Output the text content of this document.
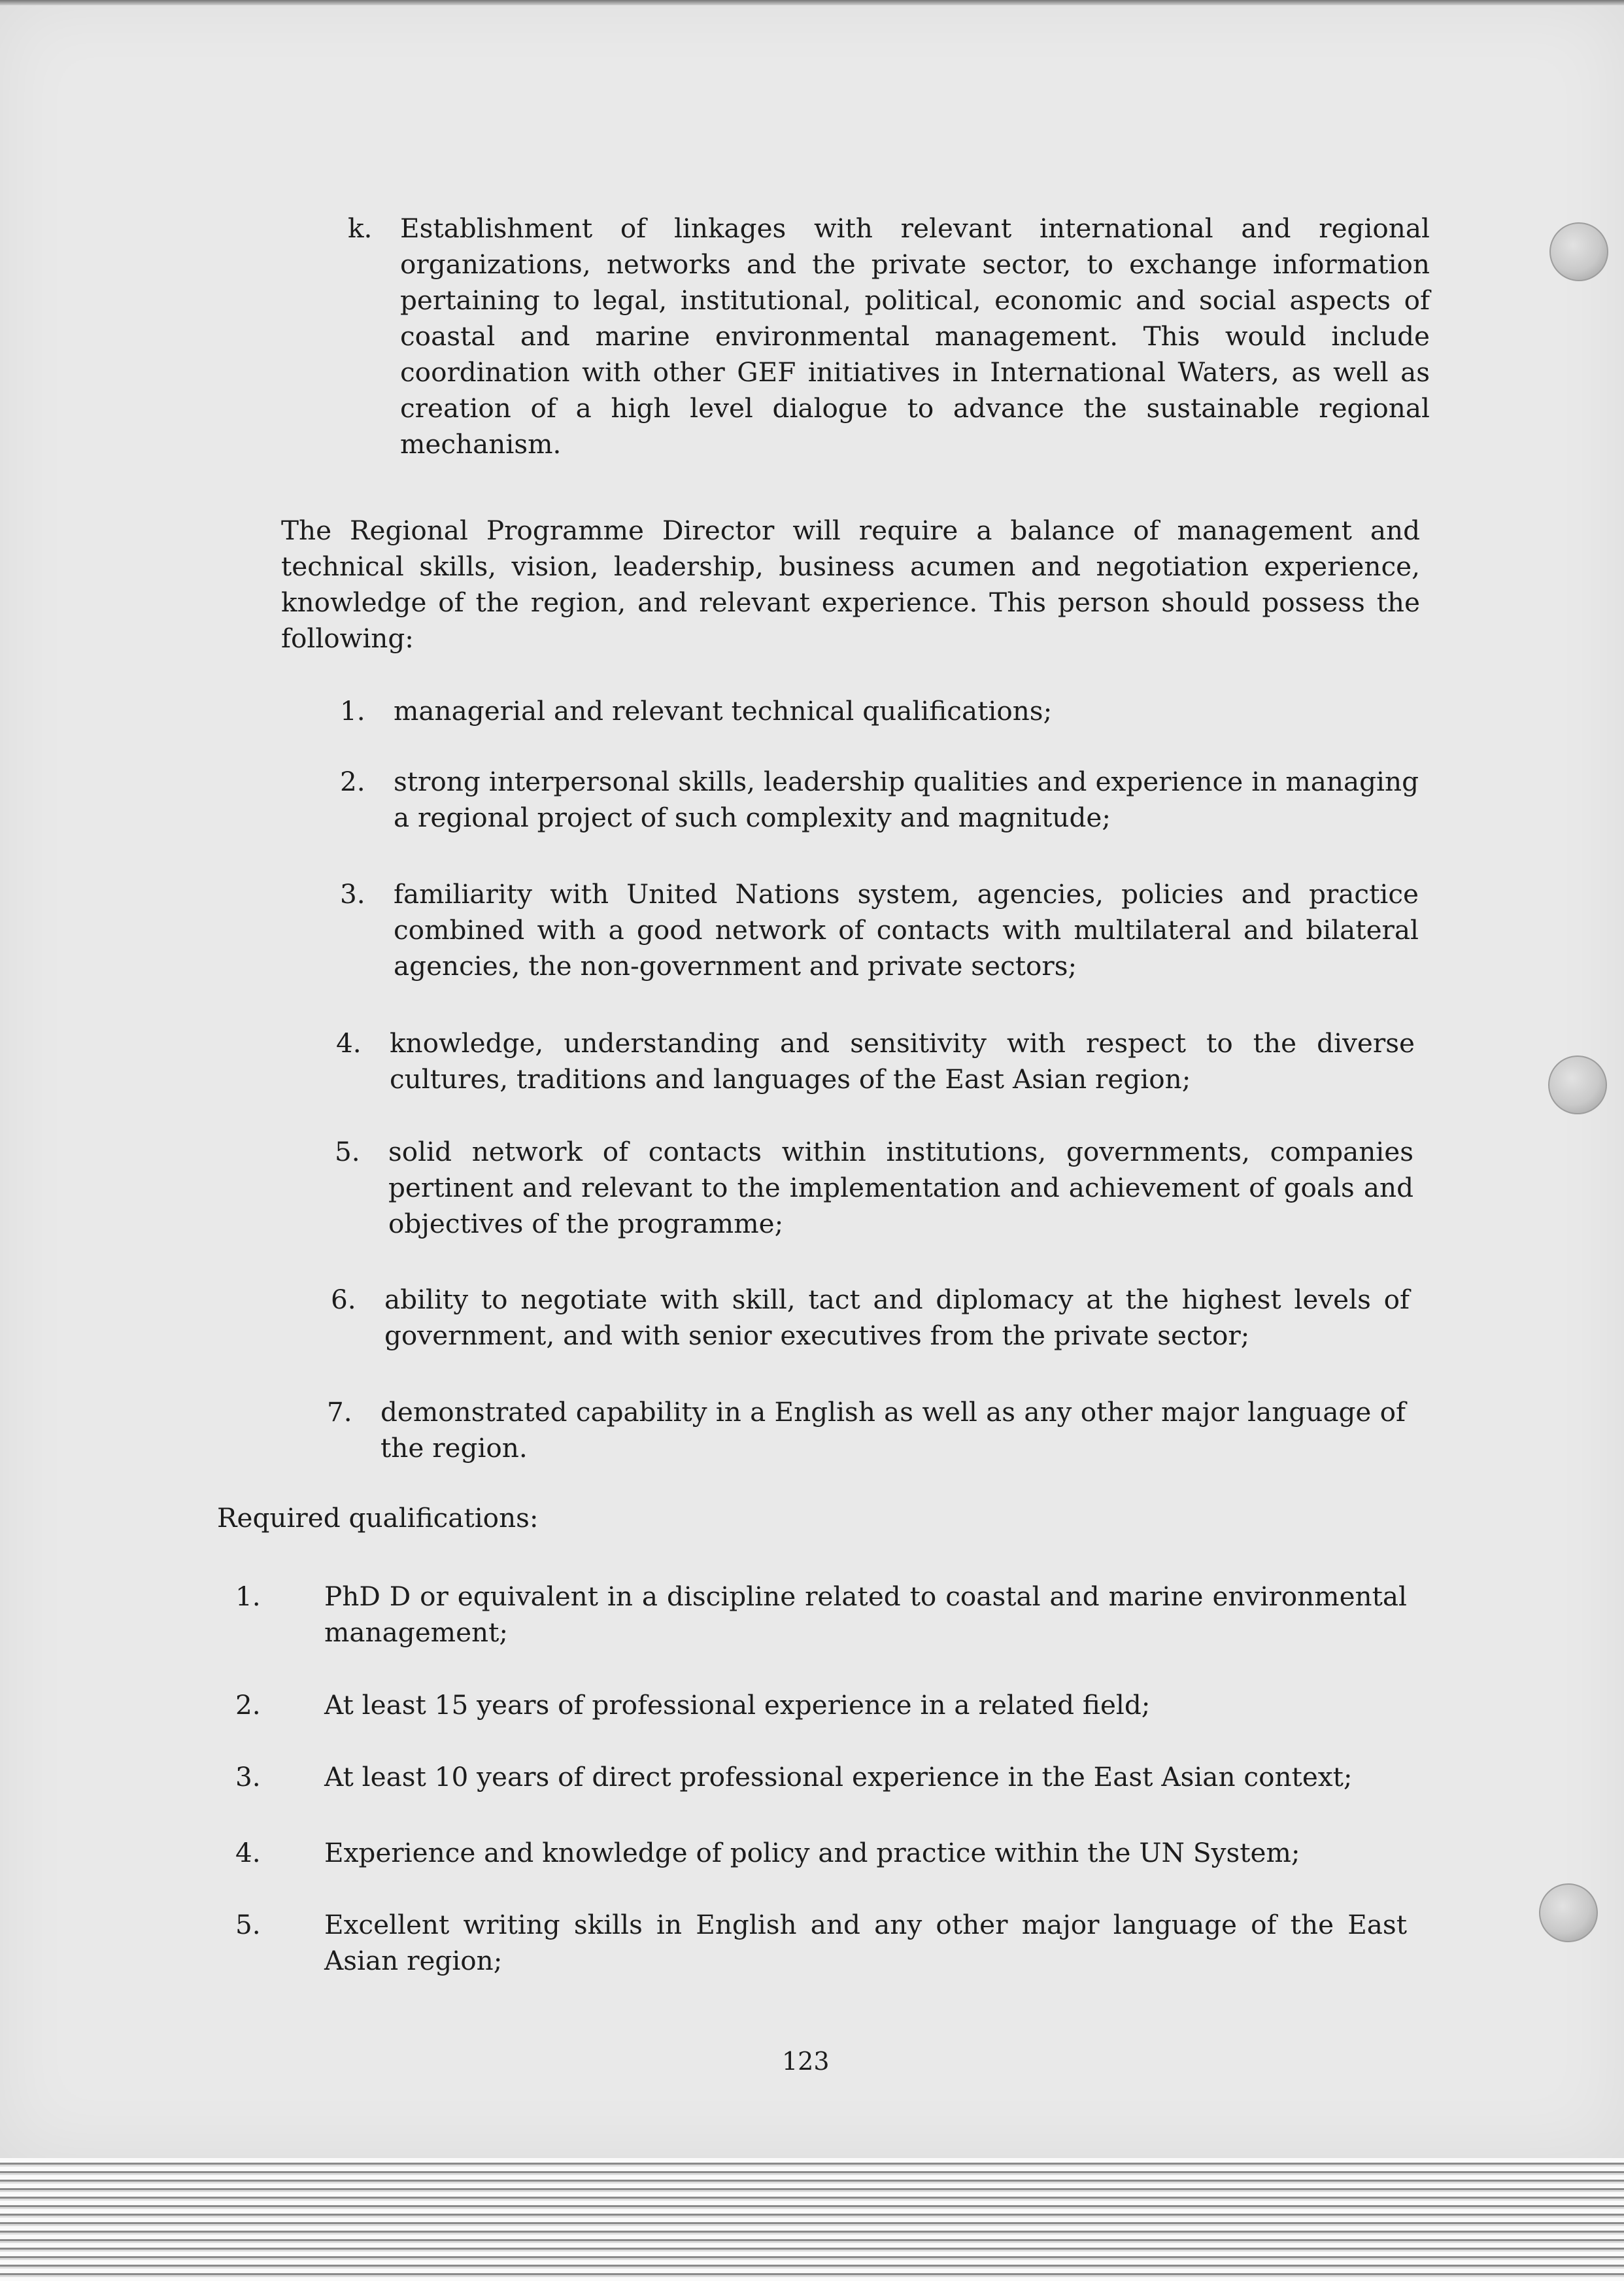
k. Establishment of linkages with relevant international and regional organizations, networks and the private sector, to exchange information pertaining to legal, institutional, political, economic and social aspects of coastal and marine environmental management. This would include coordination with other GEF initiatives in International Waters, as well as creation of a high level dialogue to advance the sustainable regional mechanism.
The Regional Programme Director will require a balance of management and technical skills, vision, leadership, business acumen and negotiation experience, knowledge of the region, and relevant experience. This person should possess the following:
1. managerial and relevant technical qualifications;
2. strong interpersonal skills, leadership qualities and experience in managing a regional project of such complexity and magnitude;
3. familiarity with United Nations system, agencies, policies and practice combined with a good network of contacts with multilateral and bilateral agencies, the non-government and private sectors;
4. knowledge, understanding and sensitivity with respect to the diverse cultures, traditions and languages of the East Asian region;
5. solid network of contacts within institutions, governments, companies pertinent and relevant to the implementation and achievement of goals and objectives of the programme;
6. ability to negotiate with skill, tact and diplomacy at the highest levels of government, and with senior executives from the private sector;
7. demonstrated capability in a English as well as any other major language of the region.
Required qualifications:
1. PhD D or equivalent in a discipline related to coastal and marine environmental management;
2. At least 15 years of professional experience in a related field;
3. At least 10 years of direct professional experience in the East Asian context;
4. Experience and knowledge of policy and practice within the UN System;
5. Excellent writing skills in English and any other major language of the East Asian region;
123
